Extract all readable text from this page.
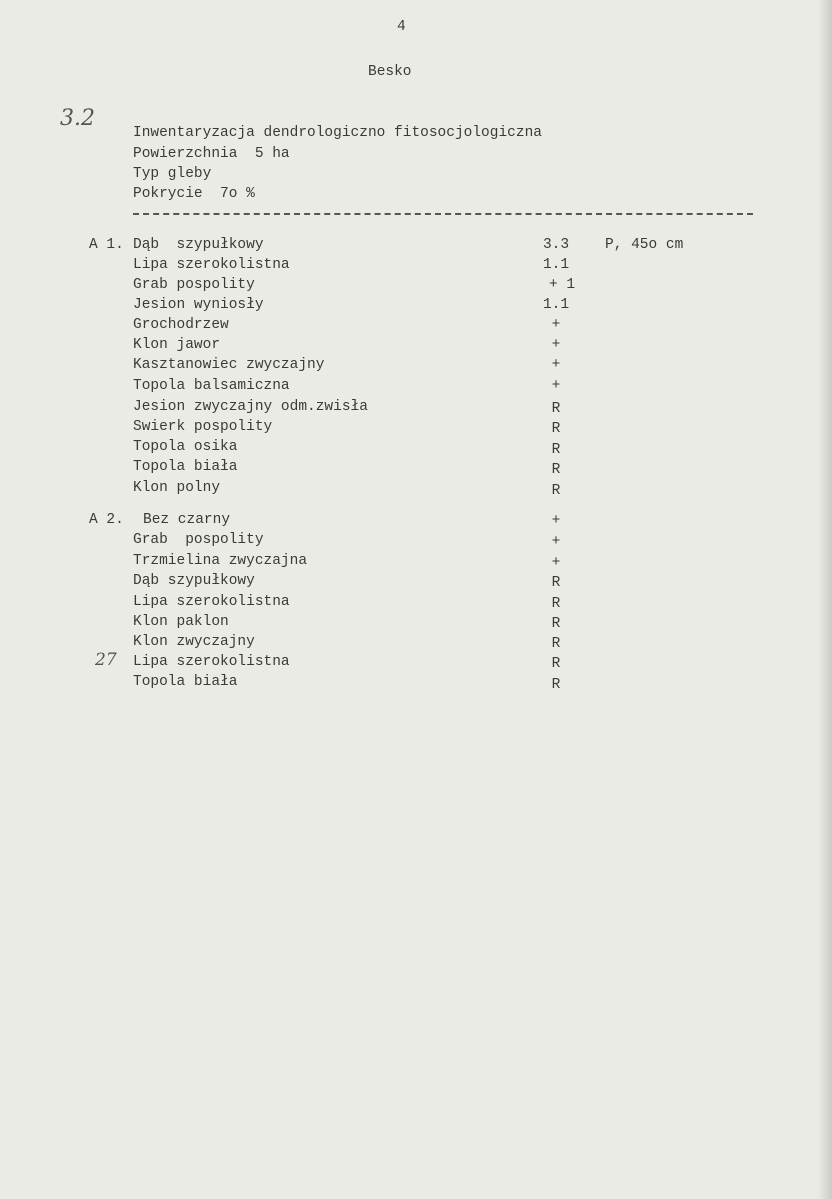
4
Besko
3.2
Inwentaryzacja dendrologiczno fitosocjologiczna
Powierzchnia  5 ha
Typ gleby
Pokrycie  7o %
A 1. Dąb  szypułkowy	3.3	P, 45o cm
Lipa szerokolistna	1.1
Grab pospolity	+ 1
Jesion wyniosły	1.1
Grochodrzew	+
Klon jawor	+
Kasztanowiec zwyczajny	+
Topola balsamiczna	+
Jesion zwyczajny odm.zwisła	R
Swierk pospolity	R
Topola osika	R
Topola biała	R
Klon polny	R
A 2. Bez czarny	+
Grab  pospolity	+
Trzmielina zwyczajna	+
Dąb szypułkowy	R
Lipa szerokolistna	R
Klon paklon	R
Klon zwyczajny	R
27 Lipa szerokolistna	R
Topola biała	R
